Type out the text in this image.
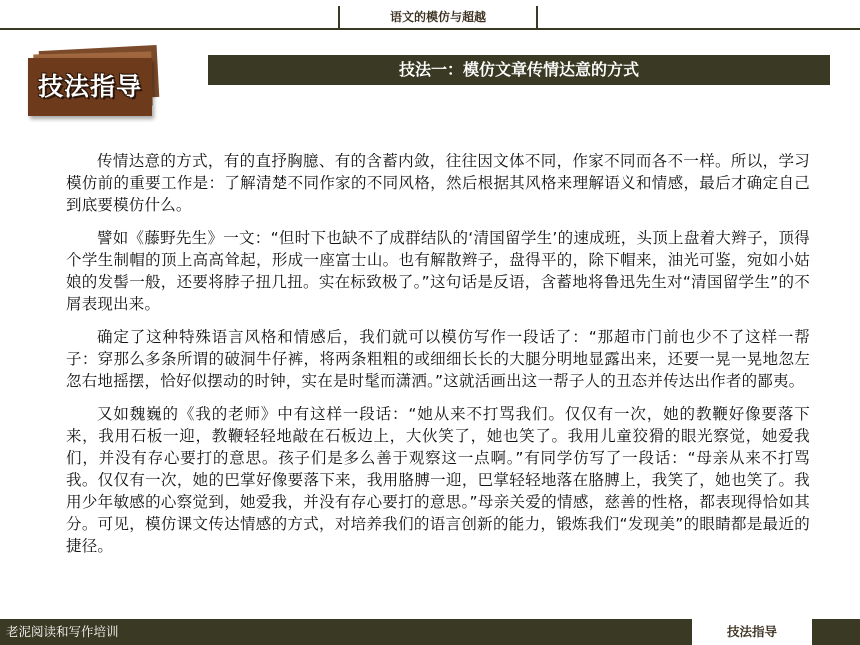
语文的模仿与超越
技法指导
技法一：模仿文章传情达意的方式

传情达意的方式，有的直抒胸臆、有的含蓄内敛，往往因文体不同，作家不同而各不一样。所以，学习模仿前的重要工作是：了解清楚不同作家的不同风格，然后根据其风格来理解语义和情感，最后才确定自己到底要模仿什么。

譬如《藤野先生》一文：“但时下也缺不了成群结队的‘清国留学生’的速成班，头顶上盘着大辫子，顶得个学生制帽的顶上高高耸起，形成一座富士山。也有解散辫子，盘得平的，除下帽来，油光可鉴，宛如小姑娘的发髻一般，还要将脖子扭几扭。实在标致极了。”这句话是反语，含蓄地将鲁迅先生对“清国留学生”的不屑表现出来。

确定了这种特殊语言风格和情感后，我们就可以模仿写作一段话了：“那超市门前也少不了这样一帮子：穿那么多条所谓的破洞牛仔裤，将两条粗粗的或细细长长的大腿分明地显露出来，还要一晃一晃地忽左忽右地摇摆，恰好似摆动的时钟，实在是时髦而潇洒。”这就活画出这一帮子人的丑态并传达出作者的鄙夷。

又如魏巍的《我的老师》中有这样一段话：“她从来不打骂我们。仅仅有一次，她的教鞭好像要落下来，我用石板一迎，教鞭轻轻地敲在石板边上，大伙笑了，她也笑了。我用儿童狡猾的眼光察觉，她爱我们，并没有存心要打的意思。孩子们是多么善于观察这一点啊。”有同学仿写了一段话：“母亲从来不打骂我。仅仅有一次，她的巴掌好像要落下来，我用胳膊一迎，巴掌轻轻地落在胳膊上，我笑了，她也笑了。我用少年敏感的心察觉到，她爱我，并没有存心要打的意思。”母亲关爱的情感，慈善的性格，都表现得恰如其分。可见，模仿课文传达情感的方式，对培养我们的语言创新的能力，锻炼我们“发现美”的眼睛都是最近的捷径。

老泥阅读和写作培训	技法指导
